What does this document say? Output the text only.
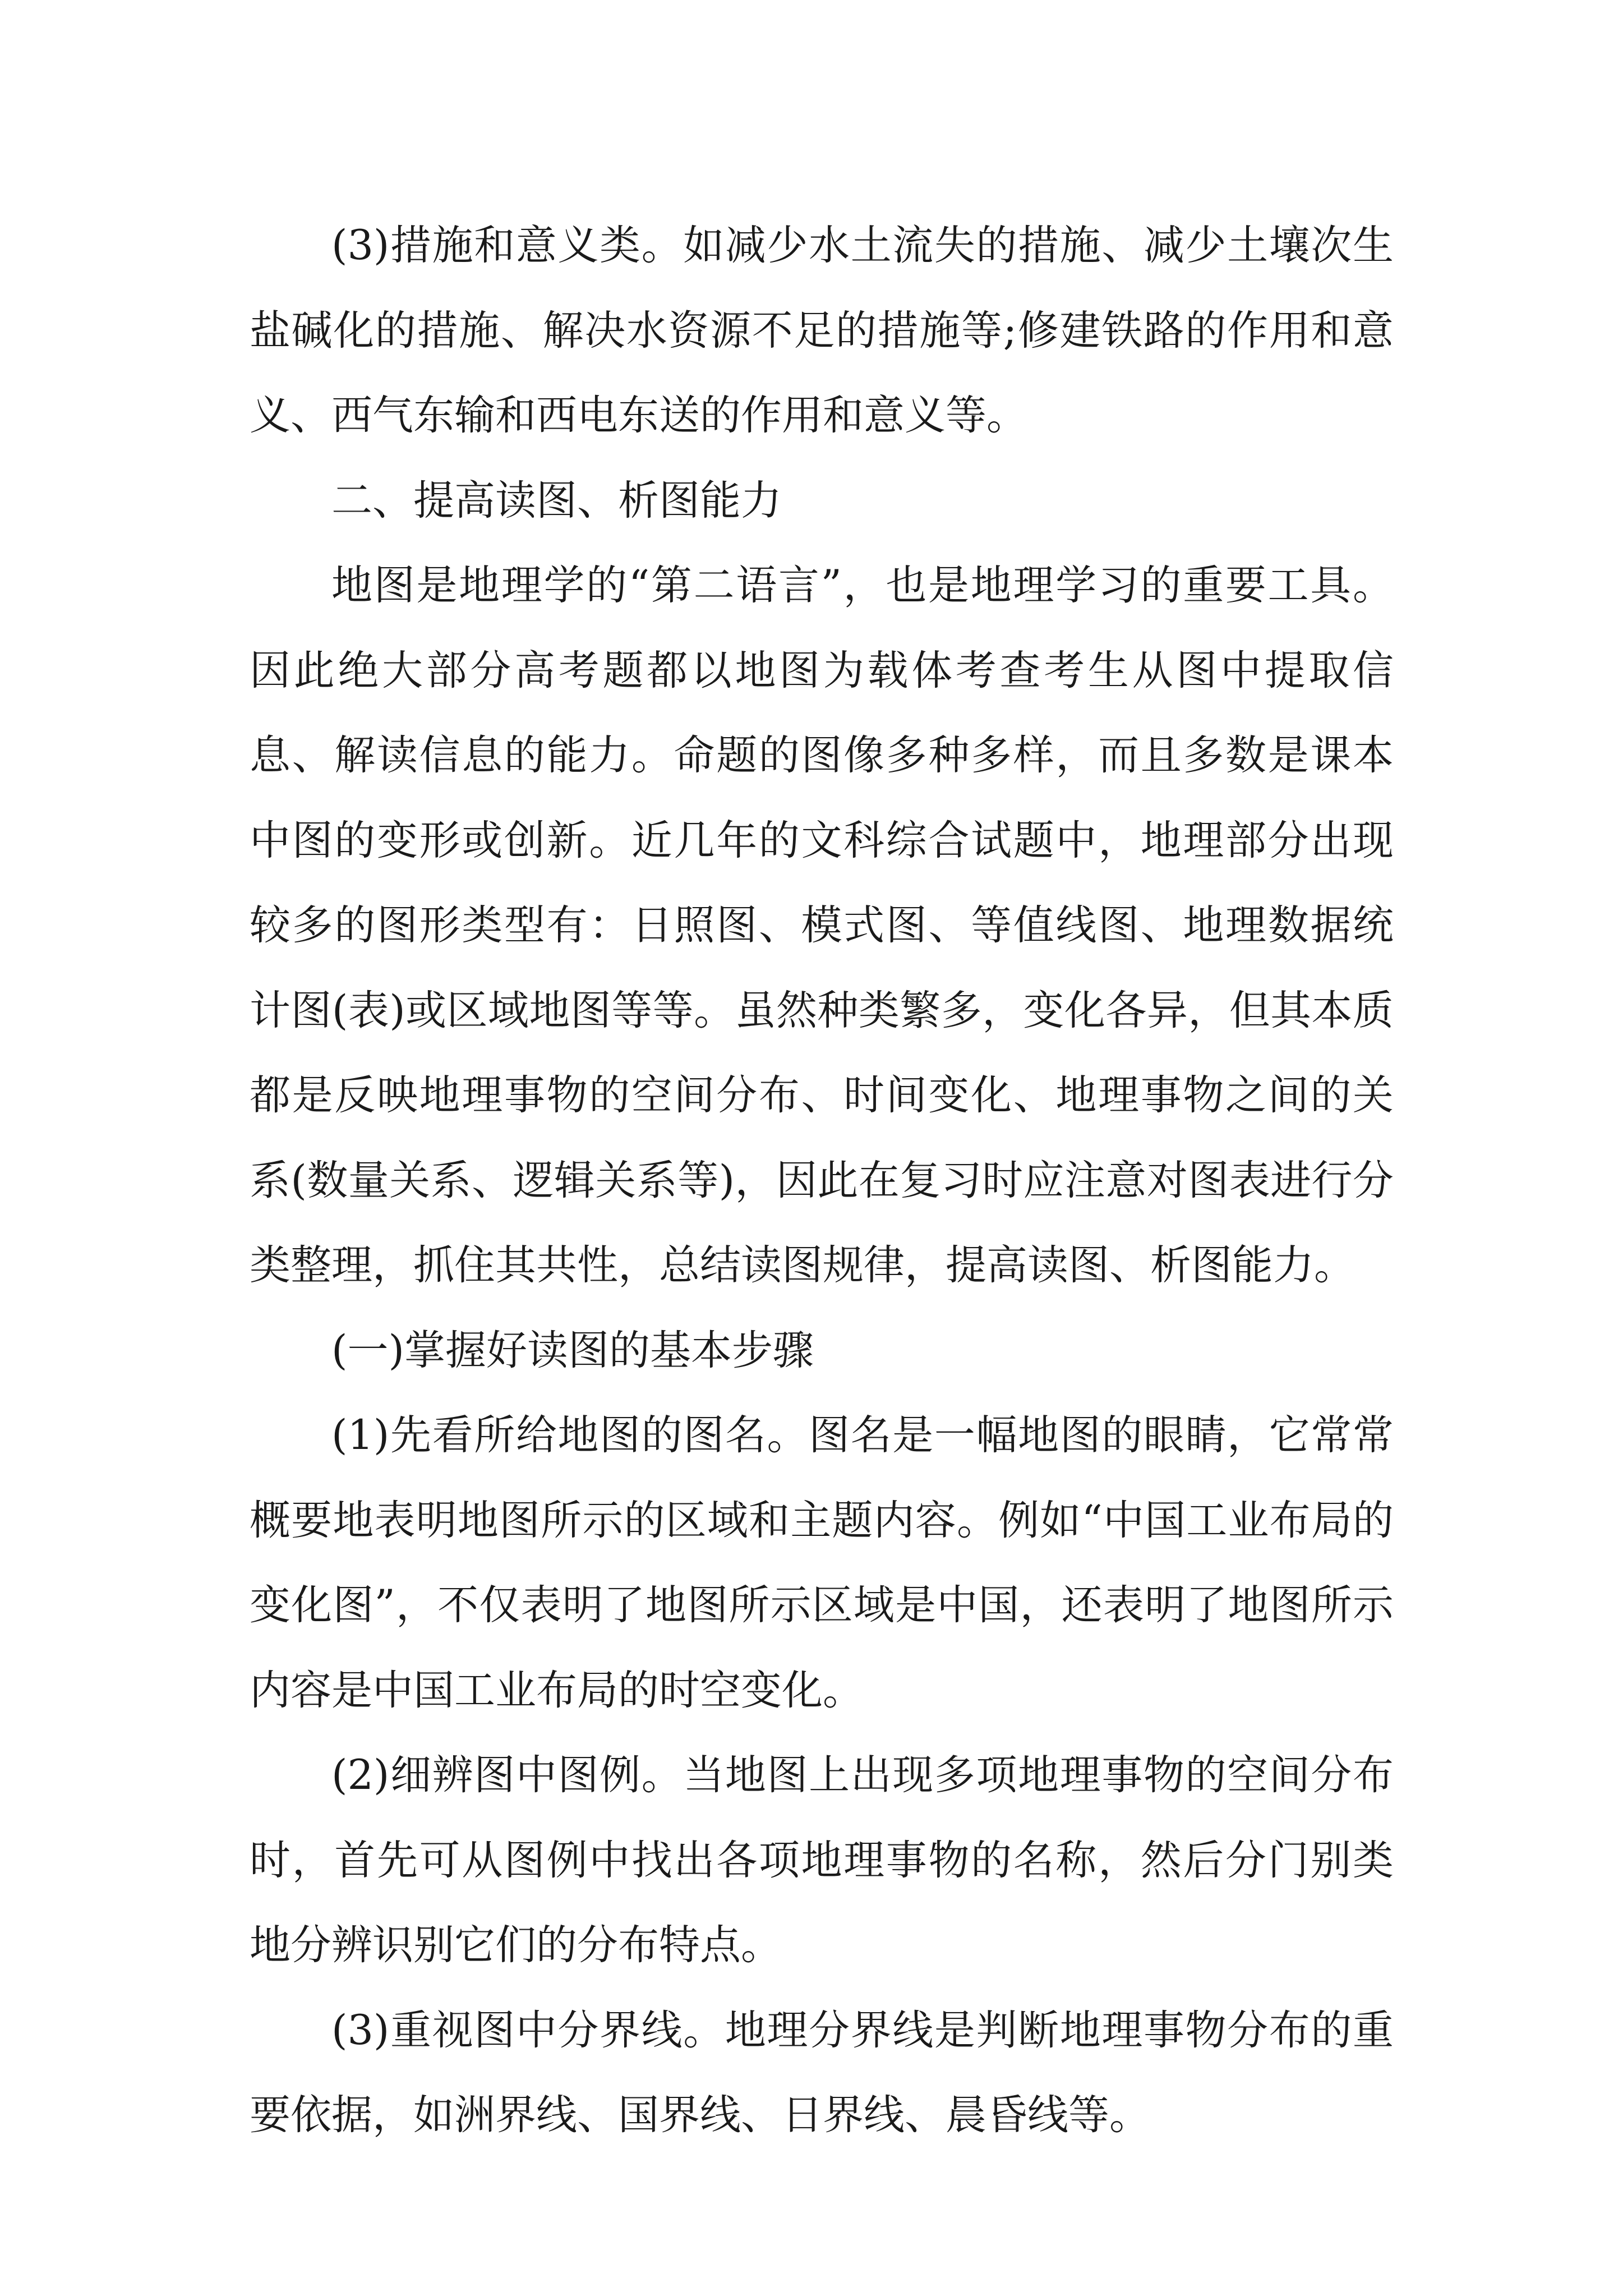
(3)措施和意义类。如减少水土流失的措施、减少土壤次生盐碱化的措施、解决水资源不足的措施等;修建铁路的作用和意义、西气东输和西电东送的作用和意义等。

二、提高读图、析图能力

地图是地理学的“第二语言”，也是地理学习的重要工具。因此绝大部分高考题都以地图为载体考查考生从图中提取信息、解读信息的能力。命题的图像多种多样，而且多数是课本中图的变形或创新。近几年的文科综合试题中，地理部分出现较多的图形类型有：日照图、模式图、等值线图、地理数据统计图(表)或区域地图等等。虽然种类繁多，变化各异，但其本质都是反映地理事物的空间分布、时间变化、地理事物之间的关系(数量关系、逻辑关系等)，因此在复习时应注意对图表进行分类整理，抓住其共性，总结读图规律，提高读图、析图能力。

(一)掌握好读图的基本步骤

(1)先看所给地图的图名。图名是一幅地图的眼睛，它常常概要地表明地图所示的区域和主题内容。例如“中国工业布局的变化图”，不仅表明了地图所示区域是中国，还表明了地图所示内容是中国工业布局的时空变化。

(2)细辨图中图例。当地图上出现多项地理事物的空间分布时，首先可从图例中找出各项地理事物的名称，然后分门别类地分辨识别它们的分布特点。

(3)重视图中分界线。地理分界线是判断地理事物分布的重要依据，如洲界线、国界线、日界线、晨昏线等。
